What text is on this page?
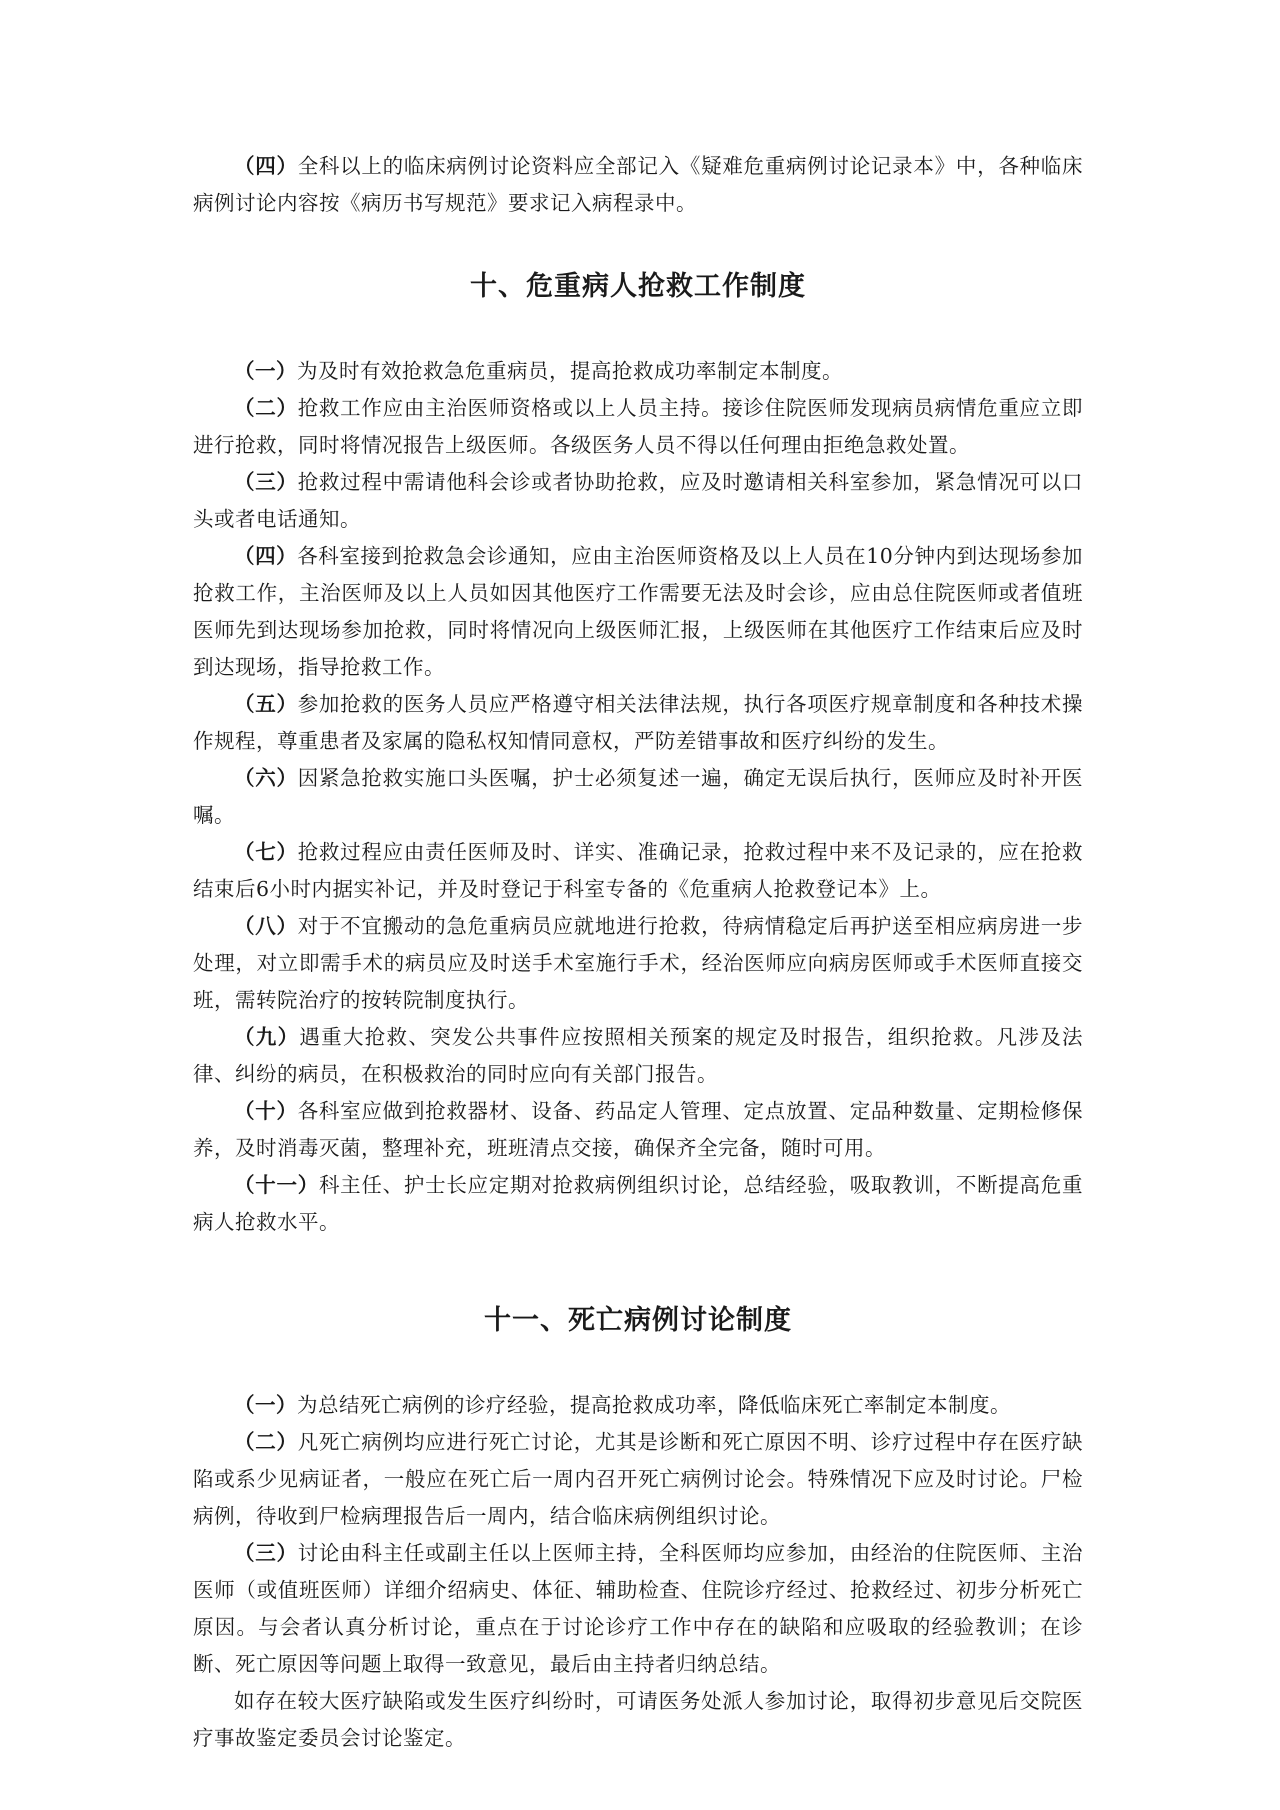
（四）全科以上的临床病例讨论资料应全部记入《疑难危重病例讨论记录本》中，各种临床病例讨论内容按《病历书写规范》要求记入病程录中。

十、危重病人抢救工作制度

（一）为及时有效抢救急危重病员，提高抢救成功率制定本制度。

（二）抢救工作应由主治医师资格或以上人员主持。接诊住院医师发现病员病情危重应立即进行抢救，同时将情况报告上级医师。各级医务人员不得以任何理由拒绝急救处置。

（三）抢救过程中需请他科会诊或者协助抢救，应及时邀请相关科室参加，紧急情况可以口头或者电话通知。

（四）各科室接到抢救急会诊通知，应由主治医师资格及以上人员在10分钟内到达现场参加抢救工作，主治医师及以上人员如因其他医疗工作需要无法及时会诊，应由总住院医师或者值班医师先到达现场参加抢救，同时将情况向上级医师汇报，上级医师在其他医疗工作结束后应及时到达现场，指导抢救工作。

（五）参加抢救的医务人员应严格遵守相关法律法规，执行各项医疗规章制度和各种技术操作规程，尊重患者及家属的隐私权知情同意权，严防差错事故和医疗纠纷的发生。

（六）因紧急抢救实施口头医嘱，护士必须复述一遍，确定无误后执行，医师应及时补开医嘱。

（七）抢救过程应由责任医师及时、详实、准确记录，抢救过程中来不及记录的，应在抢救结束后6小时内据实补记，并及时登记于科室专备的《危重病人抢救登记本》上。

（八）对于不宜搬动的急危重病员应就地进行抢救，待病情稳定后再护送至相应病房进一步处理，对立即需手术的病员应及时送手术室施行手术，经治医师应向病房医师或手术医师直接交班，需转院治疗的按转院制度执行。

（九）遇重大抢救、突发公共事件应按照相关预案的规定及时报告，组织抢救。凡涉及法律、纠纷的病员，在积极救治的同时应向有关部门报告。

（十）各科室应做到抢救器材、设备、药品定人管理、定点放置、定品种数量、定期检修保养，及时消毒灭菌，整理补充，班班清点交接，确保齐全完备，随时可用。

（十一）科主任、护士长应定期对抢救病例组织讨论，总结经验，吸取教训，不断提高危重病人抢救水平。

十一、死亡病例讨论制度

（一）为总结死亡病例的诊疗经验，提高抢救成功率，降低临床死亡率制定本制度。

（二）凡死亡病例均应进行死亡讨论，尤其是诊断和死亡原因不明、诊疗过程中存在医疗缺陷或系少见病证者，一般应在死亡后一周内召开死亡病例讨论会。特殊情况下应及时讨论。尸检病例，待收到尸检病理报告后一周内，结合临床病例组织讨论。

（三）讨论由科主任或副主任以上医师主持，全科医师均应参加，由经治的住院医师、主治医师（或值班医师）详细介绍病史、体征、辅助检查、住院诊疗经过、抢救经过、初步分析死亡原因。与会者认真分析讨论，重点在于讨论诊疗工作中存在的缺陷和应吸取的经验教训；在诊断、死亡原因等问题上取得一致意见，最后由主持者归纳总结。

如存在较大医疗缺陷或发生医疗纠纷时，可请医务处派人参加讨论，取得初步意见后交院医疗事故鉴定委员会讨论鉴定。
